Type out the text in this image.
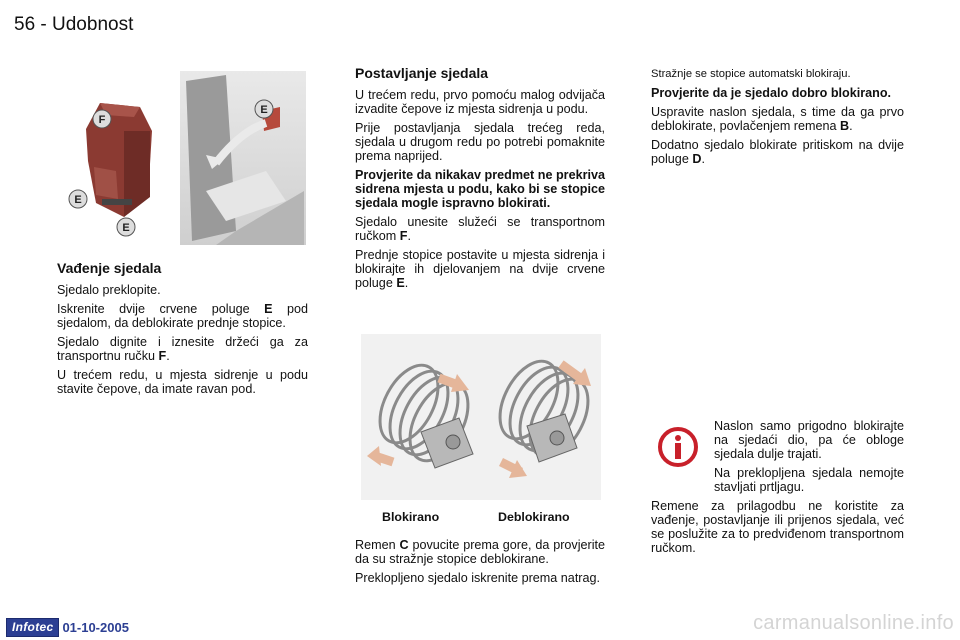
56 - Udobnost
E
F
E
E
Vađenje sjedala

Sjedalo preklopite.

Iskrenite dvije crvene poluge E pod sjedalom, da deblokirate prednje stopice.

Sjedalo dignite i iznesite držeći ga za transportnu ručku F.

U trećem redu, u mjesta sidrenje u podu stavite čepove, da imate ravan pod.

Postavljanje sjedala

U trećem redu, prvo pomoću malog odvijača izvadite čepove iz mjesta sidrenja u podu.

Prije postavljanja sjedala trećeg reda, sjedala u drugom redu po potrebi pomaknite prema naprijed.

Provjerite da nikakav predmet ne prekriva sidrena mjesta u podu, kako bi se stopice sjedala mogle ispravno blokirati.

Sjedalo unesite služeći se transportnom ručkom F.

Prednje stopice postavite u mjesta sidrenja i blokirajte ih djelovanjem na dvije crvene poluge E.

Blokirano	Deblokirano

Remen C povucite prema gore, da provjerite da su stražnje stopice deblokirane.

Preklopljeno sjedalo iskrenite prema natrag.

Stražnje se stopice automatski blokiraju.

Provjerite da je sjedalo dobro blokirano.

Uspravite naslon sjedala, s time da ga prvo deblokirate, povlačenjem remena B.

Dodatno sjedalo blokirate pritiskom na dvije poluge D.

Naslon samo prigodno blokirajte na sjedaći dio, pa će obloge sjedala dulje trajati.

Na preklopljena sjedala nemojte stavljati prtljagu.

Remene za prilagodbu ne koristite za vađenje, postavljanje ili prijenos sjedala, već se poslužite za to predviđenom transportnom ručkom.

Infotec 01-10-2005	carmanualsonline.info
